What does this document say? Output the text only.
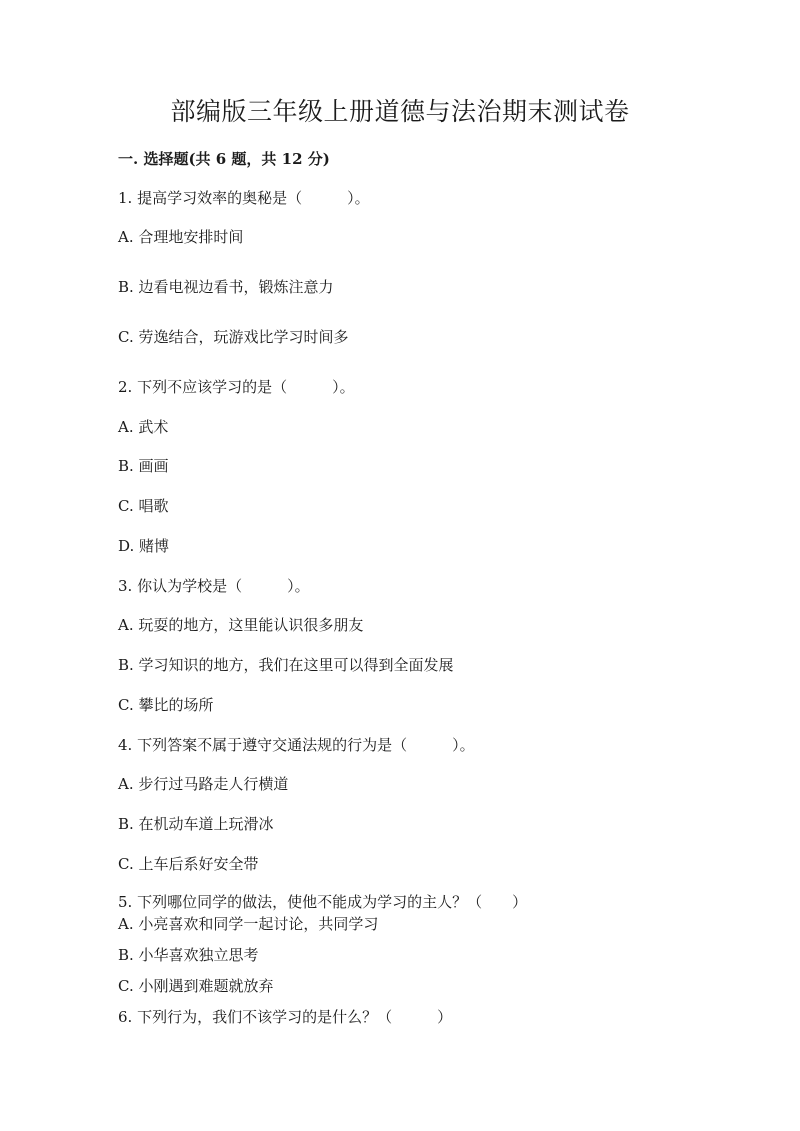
部编版三年级上册道德与法治期末测试卷
一. 选择题(共 6 题，共 12 分)
1. 提高学习效率的奥秘是（　　　）。
A. 合理地安排时间
B. 边看电视边看书，锻炼注意力
C. 劳逸结合，玩游戏比学习时间多
2. 下列不应该学习的是（　　　）。
A. 武术
B. 画画
C. 唱歌
D. 赌博
3. 你认为学校是（　　　）。
A. 玩耍的地方，这里能认识很多朋友
B. 学习知识的地方，我们在这里可以得到全面发展
C. 攀比的场所
4. 下列答案不属于遵守交通法规的行为是（　　　）。
A. 步行过马路走人行横道
B. 在机动车道上玩滑冰
C. 上车后系好安全带
5. 下列哪位同学的做法，使他不能成为学习的主人？（　　）
A. 小亮喜欢和同学一起讨论，共同学习
B. 小华喜欢独立思考
C. 小刚遇到难题就放弃
6. 下列行为，我们不该学习的是什么？（　　　）
